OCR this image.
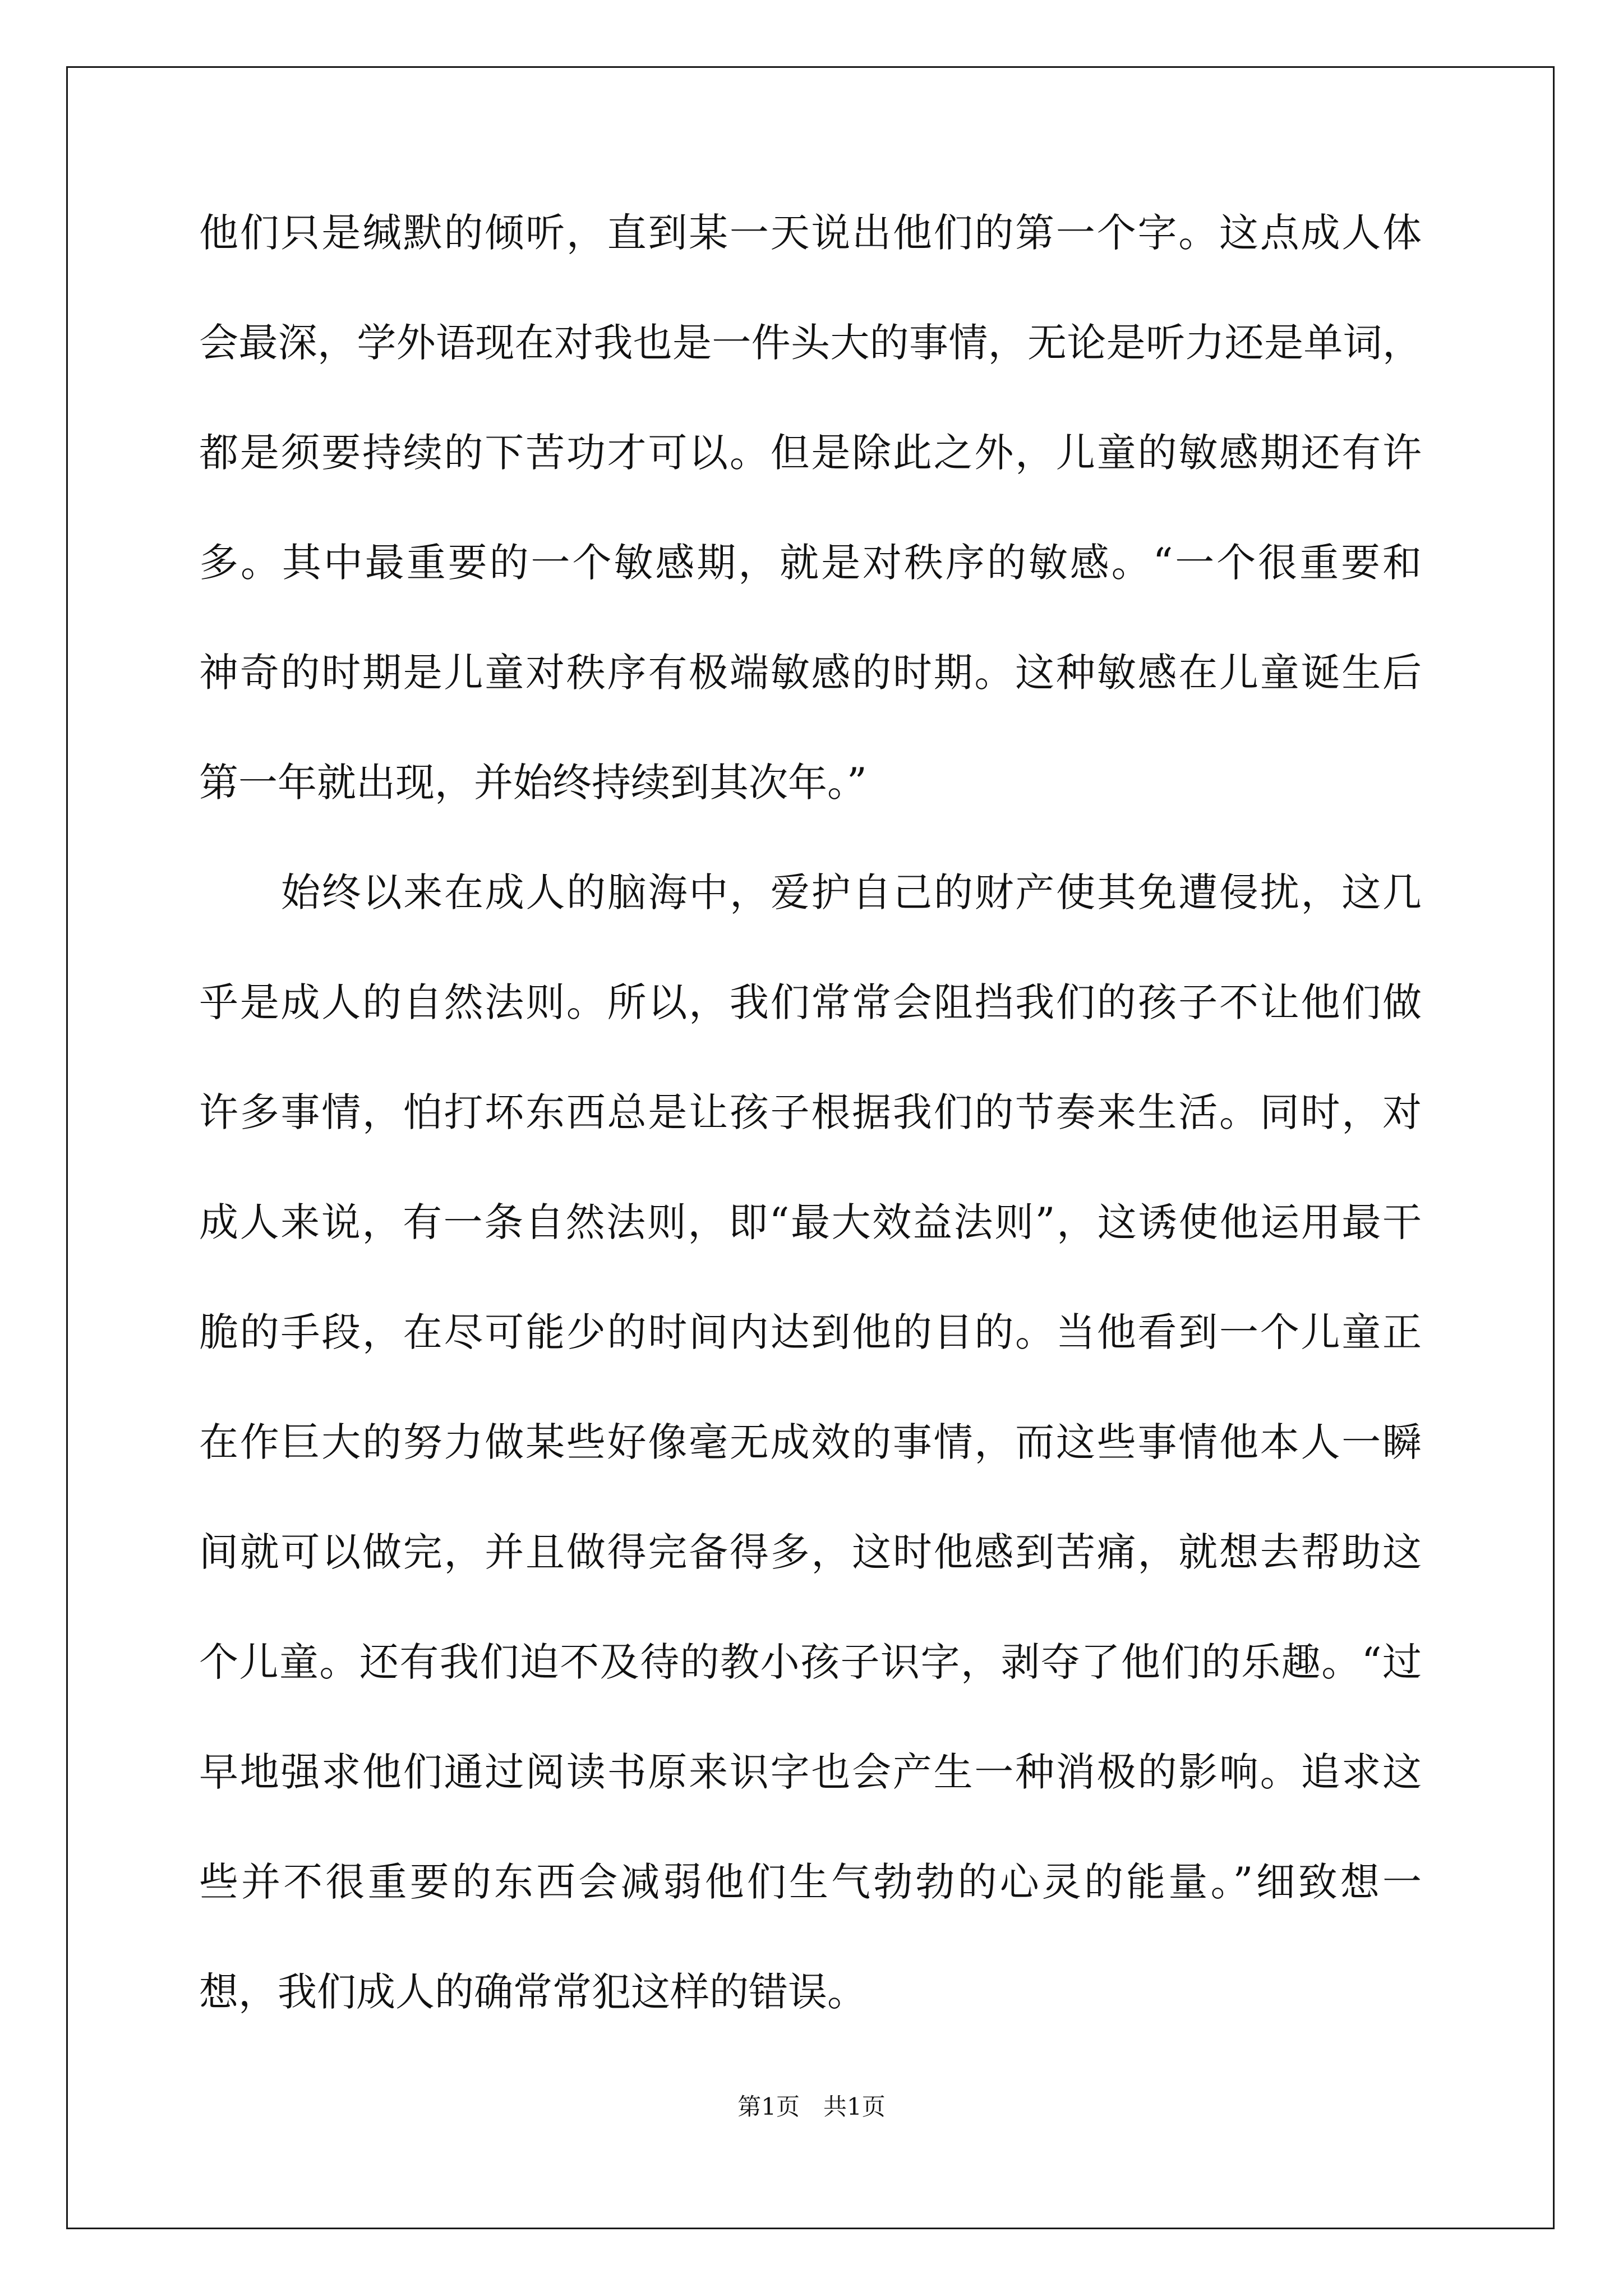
他们只是缄默的倾听，直到某一天说出他们的第一个字。这点成人体
会最深，学外语现在对我也是一件头大的事情，无论是听力还是单词，
都是须要持续的下苦功才可以。但是除此之外，儿童的敏感期还有许
多。其中最重要的一个敏感期，就是对秩序的敏感。“一个很重要和
神奇的时期是儿童对秩序有极端敏感的时期。这种敏感在儿童诞生后
第一年就出现，并始终持续到其次年。”
始终以来在成人的脑海中，爱护自己的财产使其免遭侵扰，这几
乎是成人的自然法则。所以，我们常常会阻挡我们的孩子不让他们做
许多事情，怕打坏东西总是让孩子根据我们的节奏来生活。同时，对
成人来说，有一条自然法则，即“最大效益法则”，这诱使他运用最干
脆的手段，在尽可能少的时间内达到他的目的。当他看到一个儿童正
在作巨大的努力做某些好像毫无成效的事情，而这些事情他本人一瞬
间就可以做完，并且做得完备得多，这时他感到苦痛，就想去帮助这
个儿童。还有我们迫不及待的教小孩子识字，剥夺了他们的乐趣。“过
早地强求他们通过阅读书原来识字也会产生一种消极的影响。追求这
些并不很重要的东西会减弱他们生气勃勃的心灵的能量。”细致想一
想，我们成人的确常常犯这样的错误。
第1页　共1页
